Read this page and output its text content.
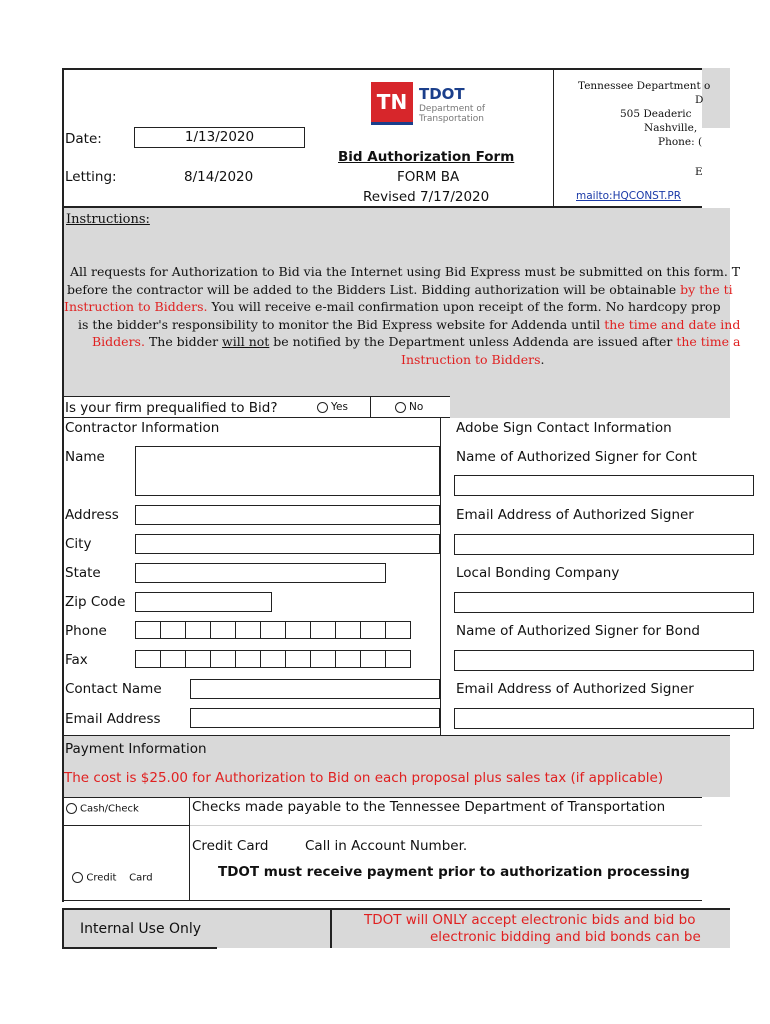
TN TDOT
Department of
Transportation
Date:	1/13/2020
Letting:	8/14/2020
Bid Authorization Form
FORM BA
Revised 7/17/2020
Tennessee Department o
D
505 Deaderic
Nashville,
Phone: (
E
mailto:HQCONST.PR
Instructions:
All requests for Authorization to Bid via the Internet using Bid Express must be submitted on this form. T
before the contractor will be added to the Bidders List. Bidding authorization will be obtainable by the ti
Instruction to Bidders. You will receive e-mail confirmation upon receipt of the form. No hardcopy prop
is the bidder's responsibility to monitor the Bid Express website for Addenda until the time and date ind
Bidders. The bidder will not be notified by the Department unless Addenda are issued after the time a
Instruction to Bidders.
Is your firm prequalified to Bid?	Yes	No
Contractor Information
Name
Address
City
State
Zip Code
Phone
Fax
Contact Name
Email Address
Adobe Sign Contact Information
Name of Authorized Signer for Cont
Email Address of Authorized Signer
Local Bonding Company
Name of Authorized Signer for Bond
Email Address of Authorized Signer
Payment Information
The cost is $25.00 for Authorization to Bid on each proposal plus sales tax (if applicable)
Cash/Check	Checks made payable to the Tennessee Department of Transportation

Credit    Card

Credit Card	Call in Account Number.
TDOT must receive payment prior to authorization processing
Internal Use Only
TDOT will ONLY accept electronic bids and bid bo
electronic bidding and bid bonds can be
